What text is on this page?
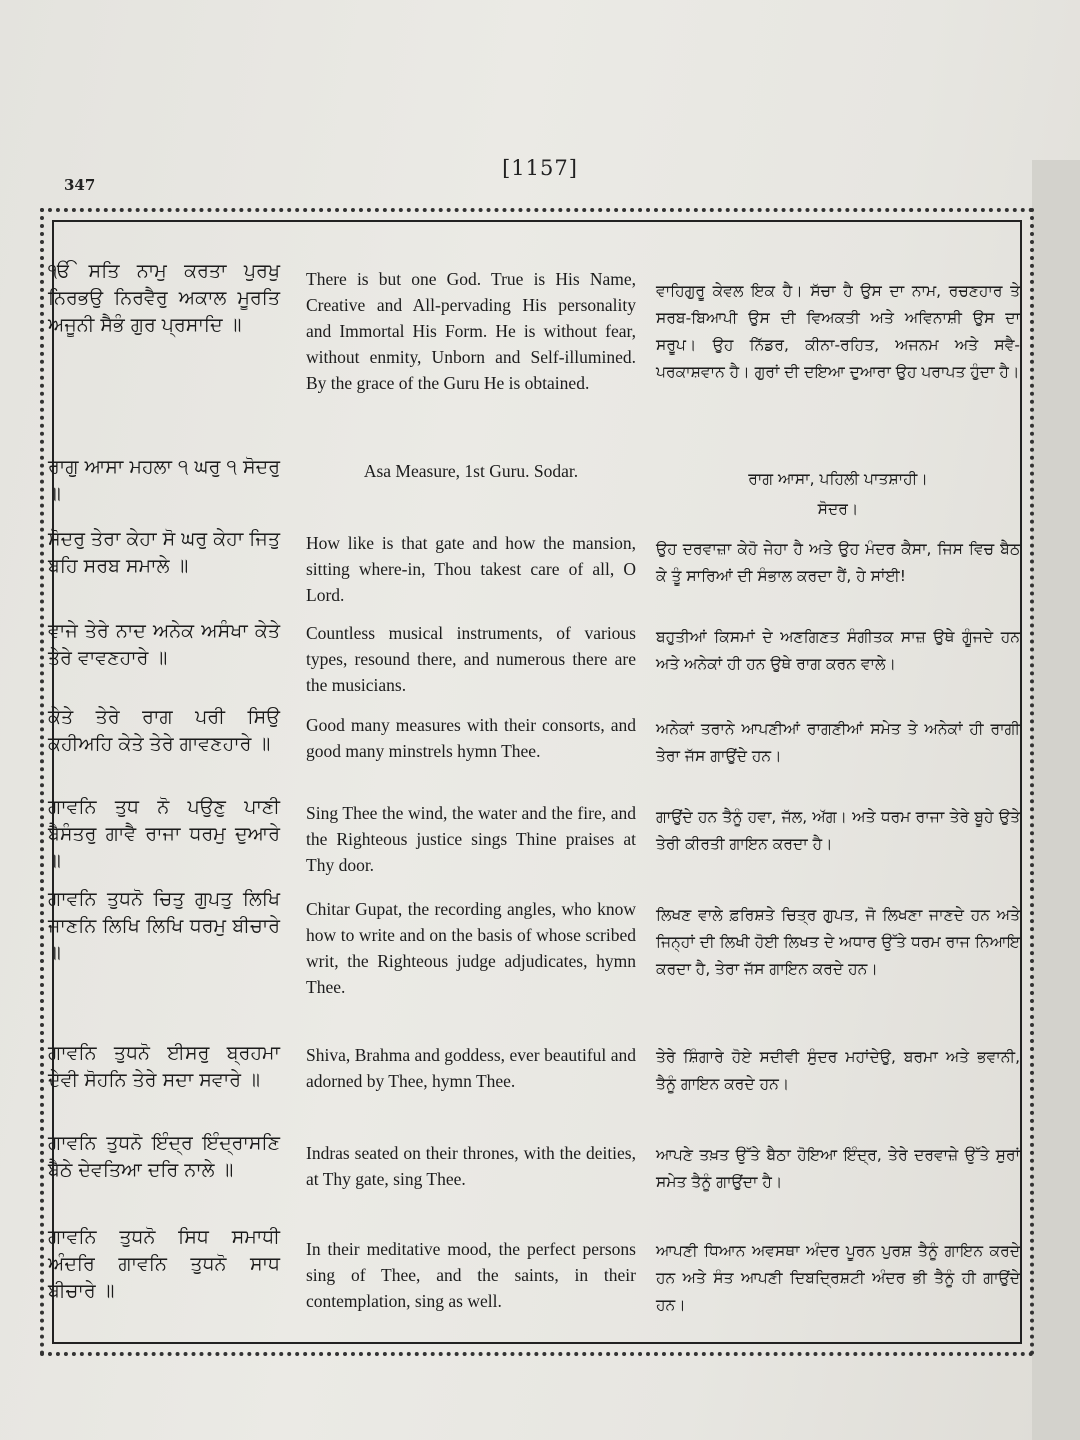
347
[1157]
ੴ ਸਤਿ ਨਾਮੁ ਕਰਤਾ ਪੁਰਖੁ ਨਿਰਭਉ ਨਿਰਵੈਰੁ ਅਕਾਲ ਮੂਰਤਿ ਅਜੂਨੀ ਸੈਭੰ ਗੁਰ ਪ੍ਰਸਾਦਿ ॥
There is but one God. True is His Name, Creative and All-pervading His personality and Immortal His Form. He is without fear, without enmity, Unborn and Self-illumined. By the grace of the Guru He is obtained.
ਵਾਹਿਗੁਰੂ ਕੇਵਲ ਇਕ ਹੈ। ਸੱਚਾ ਹੈ ਉਸ ਦਾ ਨਾਮ, ਰਚਣਹਾਰ ਤੇ ਸਰਬ-ਬਿਆਪੀ ਉਸ ਦੀ ਵਿਅਕਤੀ ਅਤੇ ਅਵਿਨਾਸ਼ੀ ਉਸ ਦਾ ਸਰੂਪ। ਉਹ ਨਿੱਡਰ, ਕੀਨਾ-ਰਹਿਤ, ਅਜਨਮ ਅਤੇ ਸਵੈ-ਪਰਕਾਸ਼ਵਾਨ ਹੈ। ਗੁਰਾਂ ਦੀ ਦਇਆ ਦੁਆਰਾ ਉਹ ਪਰਾਪਤ ਹੁੰਦਾ ਹੈ।
ਰਾਗੁ ਆਸਾ ਮਹਲਾ ੧ ਘਰੁ ੧ ਸੋਦਰੁ ॥
Asa Measure, 1st Guru. Sodar.	ਰਾਗ ਆਸਾ, ਪਹਿਲੀ ਪਾਤਸ਼ਾਹੀ।
ਸੋਦਰ।
ਸੋਦਰੁ ਤੇਰਾ ਕੇਹਾ ਸੋ ਘਰੁ ਕੇਹਾ ਜਿਤੁ ਬਹਿ ਸਰਬ ਸਮਾਲੇ ॥
How like is that gate and how the mansion, sitting where-in, Thou takest care of all, O Lord.
ਉਹ ਦਰਵਾਜ਼ਾ ਕੇਹੋ ਜੇਹਾ ਹੈ ਅਤੇ ਉਹ ਮੰਦਰ ਕੈਸਾ, ਜਿਸ ਵਿਚ ਬੈਠ ਕੇ ਤੂੰ ਸਾਰਿਆਂ ਦੀ ਸੰਭਾਲ ਕਰਦਾ ਹੈਂ, ਹੇ ਸਾਂਈ!
ਵਾਜੇ ਤੇਰੇ ਨਾਦ ਅਨੇਕ ਅਸੰਖਾ ਕੇਤੇ ਤੇਰੇ ਵਾਵਣਹਾਰੇ ॥
Countless musical instruments, of various types, resound there, and numerous there are the musicians.
ਬਹੁਤੀਆਂ ਕਿਸਮਾਂ ਦੇ ਅਣਗਿਣਤ ਸੰਗੀਤਕ ਸਾਜ਼ ਉਥੇ ਗੂੰਜਦੇ ਹਨ ਅਤੇ ਅਨੇਕਾਂ ਹੀ ਹਨ ਉਥੇ ਰਾਗ ਕਰਨ ਵਾਲੇ।
ਕੇਤੇ ਤੇਰੇ ਰਾਗ ਪਰੀ ਸਿਉ ਕਹੀਅਹਿ ਕੇਤੇ ਤੇਰੇ ਗਾਵਣਹਾਰੇ ॥
Good many measures with their consorts, and good many minstrels hymn Thee.
ਅਨੇਕਾਂ ਤਰਾਨੇ ਆਪਣੀਆਂ ਰਾਗਣੀਆਂ ਸਮੇਤ ਤੇ ਅਨੇਕਾਂ ਹੀ ਰਾਗੀ ਤੇਰਾ ਜੱਸ ਗਾਉਂਦੇ ਹਨ।
ਗਾਵਨਿ ਤੁਧ ਨੋ ਪਉਣੁ ਪਾਣੀ ਬੈਸੰਤਰੁ ਗਾਵੈ ਰਾਜਾ ਧਰਮੁ ਦੁਆਰੇ ॥
Sing Thee the wind, the water and the fire, and the Righteous justice sings Thine praises at Thy door.
ਗਾਉਂਦੇ ਹਨ ਤੈਨੂੰ ਹਵਾ, ਜੱਲ, ਅੱਗ। ਅਤੇ ਧਰਮ ਰਾਜਾ ਤੇਰੇ ਬੂਹੇ ਉਤੇ ਤੇਰੀ ਕੀਰਤੀ ਗਾਇਨ ਕਰਦਾ ਹੈ।
ਗਾਵਨਿ ਤੁਧਨੋ ਚਿਤੁ ਗੁਪਤੁ ਲਿਖਿ ਜਾਣਨਿ ਲਿਖਿ ਲਿਖਿ ਧਰਮੁ ਬੀਚਾਰੇ ॥
Chitar Gupat, the recording angles, who know how to write and on the basis of whose scribed writ, the Righteous judge adjudicates, hymn Thee.
ਲਿਖਣ ਵਾਲੇ ਫ਼ਰਿਸ਼ਤੇ ਚਿਤ੍ਰ ਗੁਪਤ, ਜੋ ਲਿਖਣਾ ਜਾਣਦੇ ਹਨ ਅਤੇ ਜਿਨ੍ਹਾਂ ਦੀ ਲਿਖੀ ਹੋਈ ਲਿਖਤ ਦੇ ਅਧਾਰ ਉੱਤੇ ਧਰਮ ਰਾਜ ਨਿਆਇ ਕਰਦਾ ਹੈ, ਤੇਰਾ ਜੱਸ ਗਾਇਨ ਕਰਦੇ ਹਨ।
ਗਾਵਨਿ ਤੁਧਨੋ ਈਸਰੁ ਬ੍ਰਹਮਾ ਦੇਵੀ ਸੋਹਨਿ ਤੇਰੇ ਸਦਾ ਸਵਾਰੇ ॥
Shiva, Brahma and goddess, ever beautiful and adorned by Thee, hymn Thee.
ਤੇਰੇ ਸ਼ਿੰਗਾਰੇ ਹੋਏ ਸਦੀਵੀ ਸੁੰਦਰ ਮਹਾਂਦੇਉ, ਬਰਮਾ ਅਤੇ ਭਵਾਨੀ, ਤੈਨੂੰ ਗਾਇਨ ਕਰਦੇ ਹਨ।
ਗਾਵਨਿ ਤੁਧਨੋ ਇੰਦ੍ਰ ਇੰਦ੍ਰਾਸਣਿ ਬੈਠੇ ਦੇਵਤਿਆ ਦਰਿ ਨਾਲੇ ॥
Indras seated on their thrones, with the deities, at Thy gate, sing Thee.
ਆਪਣੇ ਤਖ਼ਤ ਉੱਤੇ ਬੈਠਾ ਹੋਇਆ ਇੰਦ੍ਰ, ਤੇਰੇ ਦਰਵਾਜ਼ੇ ਉੱਤੇ ਸੁਰਾਂ ਸਮੇਤ ਤੈਨੂੰ ਗਾਉਂਦਾ ਹੈ।
ਗਾਵਨਿ ਤੁਧਨੋ ਸਿਧ ਸਮਾਧੀ ਅੰਦਰਿ ਗਾਵਨਿ ਤੁਧਨੋ ਸਾਧ ਬੀਚਾਰੇ ॥
In their meditative mood, the perfect persons sing of Thee, and the saints, in their contemplation, sing as well.
ਆਪਣੀ ਧਿਆਨ ਅਵਸਥਾ ਅੰਦਰ ਪੂਰਨ ਪੁਰਸ਼ ਤੈਨੂੰ ਗਾਇਨ ਕਰਦੇ ਹਨ ਅਤੇ ਸੰਤ ਆਪਣੀ ਦਿਬਦ੍ਰਿਸ਼ਟੀ ਅੰਦਰ ਭੀ ਤੈਨੂੰ ਹੀ ਗਾਉਂਦੇ ਹਨ।
